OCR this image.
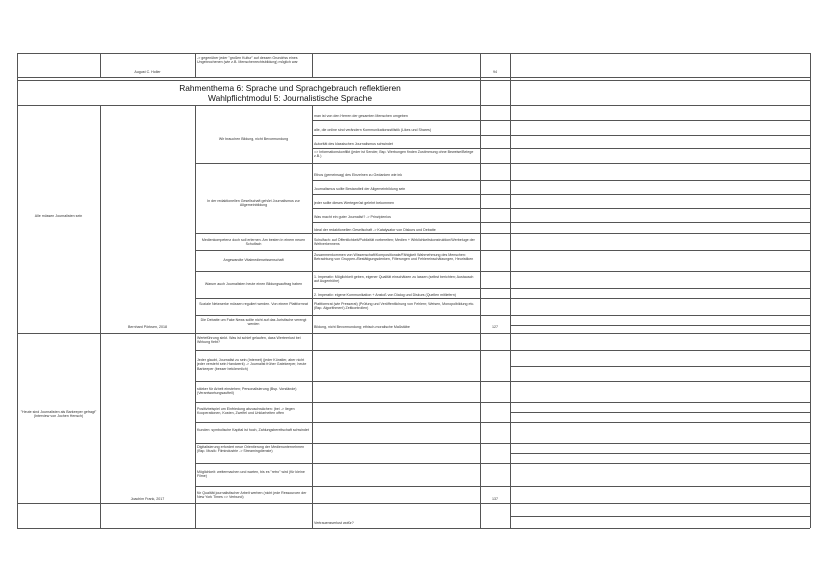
August C. Holler
-> gegenüber jeder "großen Kultur" auf dessen Grundriss eines Ungebrochenen (wie z.B. Menschenrechtsbildung) möglich war
94
Rahmenthema 6: Sprache und Sprachgebrauch reflektieren
Wahlpflichtmodul 5: Journalistische Sprache
Alle müssen Journalisten sein
Bernhard Pörksen, 2018	127
Wir brauchen Bildung, nicht Bevormundung
In der redaktionellen Gesellschaft gehört Journalismus zur Allgemeinbildung
Medienkompetenz doch soll erlernen. Am besten in einem neuen Schulfach
Angewandte Vitalmedienwissenschaft
Warum auch Journalisten heute einen Bildungsauftrag haben
Soziale Netzwerke müssen reguliert werden. Von einem Plattformrat
Die Debatte um Fake News sollte nicht auf das Juristische verengt werden
man ist von den Herren der gesamten Menschen umgeben
alle, die online sind verändern Kommunikationsstilistik (Likes und Shares)
Autorität des klassischen Journalismus schwindet
=> Informationskonflikt (jeder ist Sender, Bsp. Werbungen finden Zustimmung ohne Beweise/Belege z.B.)
Ethos (gemeinsag) des Einzelnen zu Gedanken wie ink
Journalismus sollte Bestandteil der Allgemeinbildung sein
jeder sollte dieses Wertegerüst gelehrt bekommen
Was macht ein guter Journalist? -> Prinzipienlos
Ideal der redaktionellen Gesellschaft -> Katalysator von Diskurs und Debatte
Schulfach: auf Öffentlichkeit/Publizität vorbereiten; Medien + Wirklichkeitskonstruktion/Werbeluge der Weltverkennens
Zusammenkommen von Wissenschaft/Kompositionale/Fähigkeit Wahrnehmung des Menschen: Betrachtung von Gruppen-/Bestätigungsdenken, Filterungen und Fehlereinschätzungen, Heuristiken
1. Imperativ: Möglichkeit geben, eigener Qualität einschätzen zu lassen (selbst berichten; Austausch auf Augenhöhe)
2. Imperativ: eigene Kommunikation + Anstoß von Dialog und Diskurs (Quellen mitliefern)
Plattformrat (wie Presserat) (Prüfung und Veröffentlichung von Fehlern; Weisen, Monopolbildung etc. (Bsp. Algorithmen!) Zeitkontrollen)
Bildung, nicht Bevormundung; ethisch-moralische Maßstäbe
"Heute sind Journalisten als Barkeeper gefragt" (Interview von Jochen Hensch)
Joachim Frank, 2017	137
Werteführung sinkt. Was ist schief gelaufen, dass Werteerlust bei Wirkung fiebt?
Jeder glaubt, Journalist zu sein (Internet) (jeder Künstler, aber nicht jeder versteht sein Handwerk) -> Journalist früher Gatekeeper, heute Barkeeper (besser bekömmlich)
stärker für Arbeit einstehen; Personalisierung (Bsp. Vorstände) (Verantwortungsaufteil)
Positivbeispiel um Einfriedung abzuschwächen: (bei -> liegen Kooperationen, Kosten, Zweifel und Unklarheiten offen
Kunden: symbolische Kapital ist hoch, Zahlungsbereitschaft schwindet
Digitalisierung erfordert neue Orientierung der Medienunternehmen (Bsp. Musik: Filmindustrie -> Streamingdienste)
Möglichkeit: weitermachen und warten, bis es "retro" wird (für kleine Filme)
für Qualität journalistischer Arbeit werben (nicht jede Ressourcen der New York Times => Verbund)
Vertrauensverlust wofür?
